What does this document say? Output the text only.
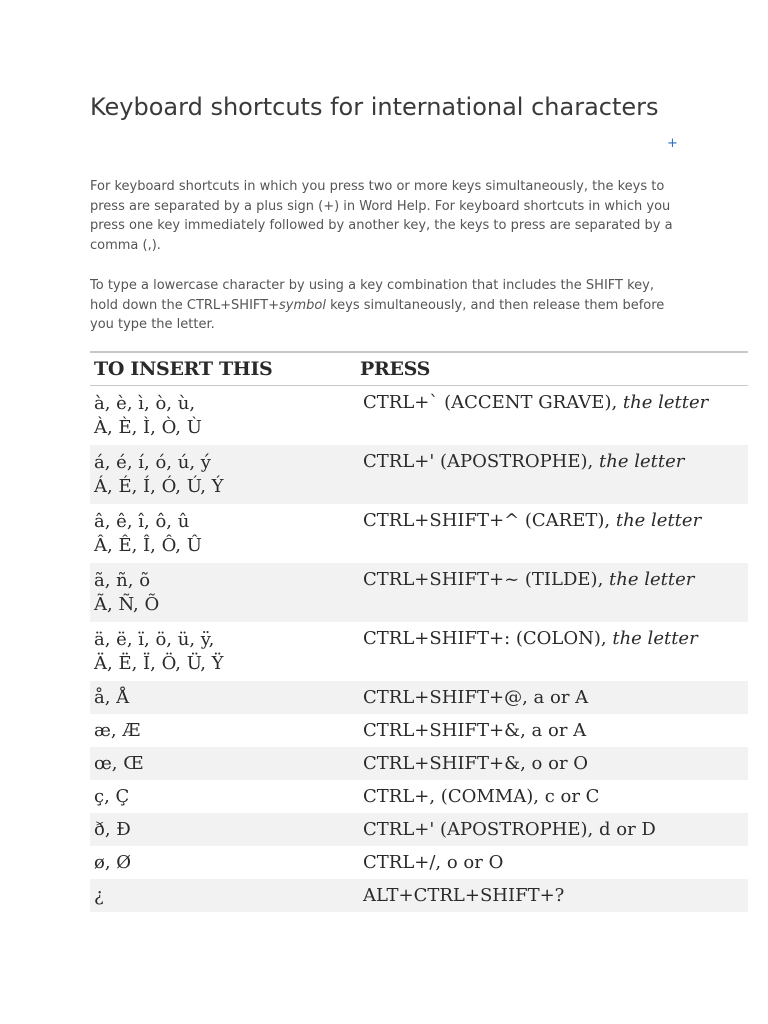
Keyboard shortcuts for international characters
+

For keyboard shortcuts in which you press two or more keys simultaneously, the keys to press are separated by a plus sign (+) in Word Help. For keyboard shortcuts in which you press one key immediately followed by another key, the keys to press are separated by a comma (,).

To type a lowercase character by using a key combination that includes the SHIFT key, hold down the CTRL+SHIFT+symbol keys simultaneously, and then release them before you type the letter.

TO INSERT THIS	PRESS

à, è, ì, ò, ù,
À, È, Ì, Ò, Ù	CTRL+` (ACCENT GRAVE), the letter

á, é, í, ó, ú, ý
Á, É, Í, Ó, Ú, Ý	CTRL+' (APOSTROPHE), the letter

â, ê, î, ô, û
Â, Ê, Î, Ô, Û	CTRL+SHIFT+^ (CARET), the letter

ã, ñ, õ
Ã, Ñ, Õ	CTRL+SHIFT+~ (TILDE), the letter

ä, ë, ï, ö, ü, ÿ,
Ä, Ë, Ï, Ö, Ü, Ÿ	CTRL+SHIFT+: (COLON), the letter

å, Å	CTRL+SHIFT+@, a or A

æ, Æ	CTRL+SHIFT+&, a or A

œ, Œ	CTRL+SHIFT+&, o or O

ç, Ç	CTRL+, (COMMA), c or C

ð, Đ	CTRL+' (APOSTROPHE), d or D

ø, Ø	CTRL+/, o or O

¿	ALT+CTRL+SHIFT+?
